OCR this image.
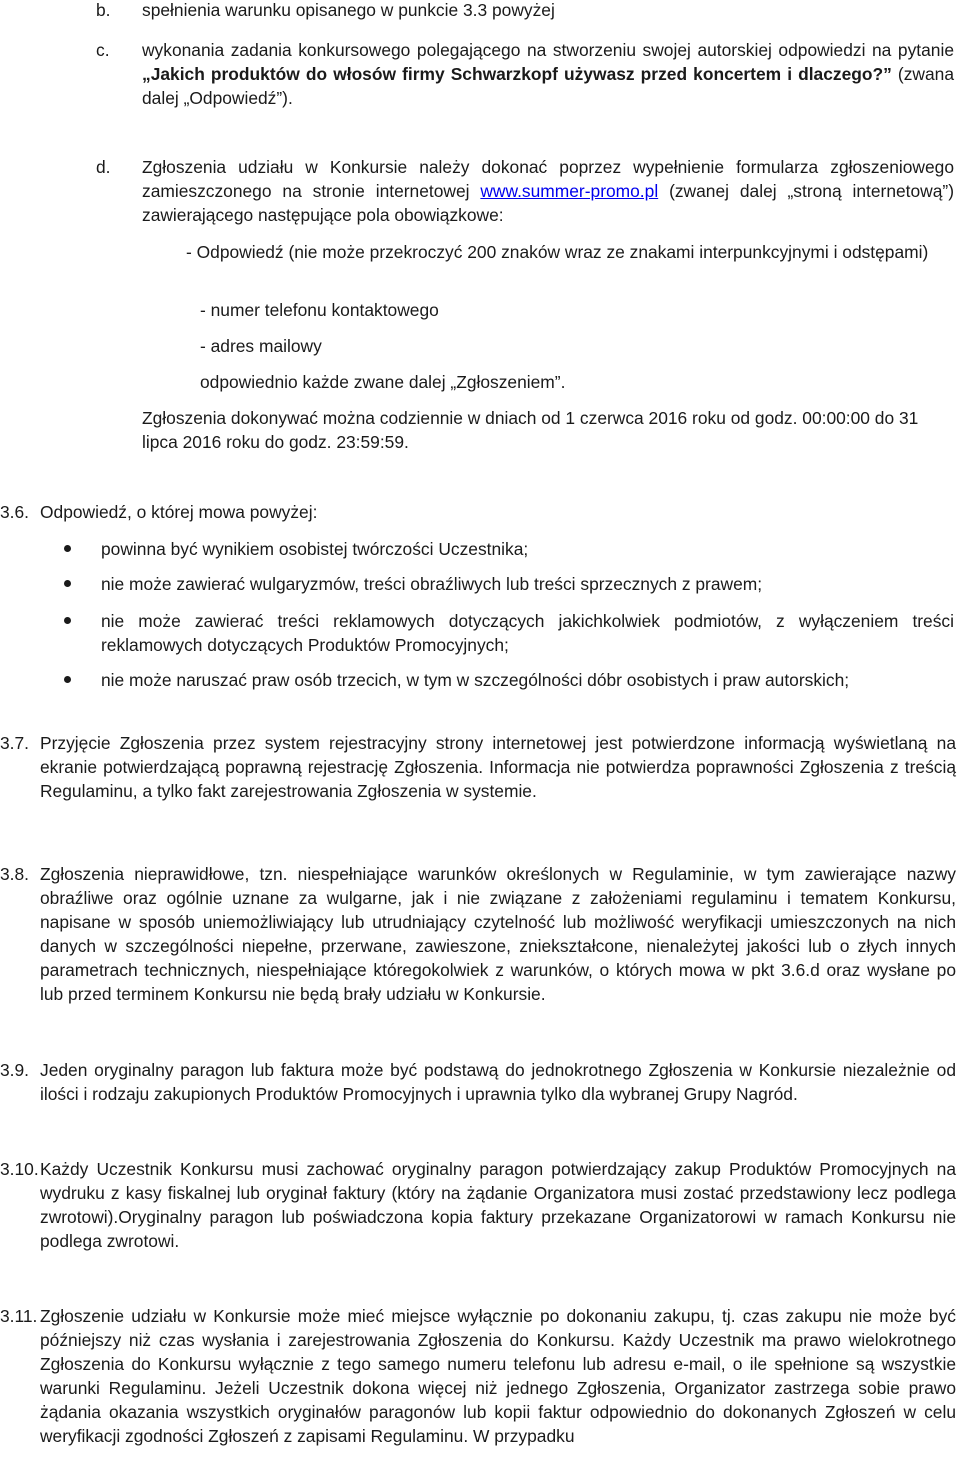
b.	spełnienia warunku opisanego w punkcie 3.3 powyżej
c.	wykonania zadania konkursowego polegającego na stworzeniu swojej autorskiej odpowiedzi na pytanie „Jakich produktów do włosów firmy Schwarzkopf używasz przed koncertem i dlaczego?” (zwana dalej „Odpowiedź”).
d.	Zgłoszenia udziału w Konkursie należy dokonać poprzez wypełnienie formularza zgłoszeniowego zamieszczonego na stronie internetowej www.summer-promo.pl (zwanej dalej „stroną internetową”) zawierającego następujące pola obowiązkowe:
- Odpowiedź (nie może przekroczyć 200 znaków wraz ze znakami interpunkcyjnymi i odstępami)
- numer telefonu kontaktowego
- adres mailowy
odpowiednio każde zwane dalej „Zgłoszeniem”.
Zgłoszenia dokonywać można codziennie w dniach od 1 czerwca 2016 roku od godz. 00:00:00 do 31 lipca 2016 roku do godz. 23:59:59.
3.6. Odpowiedź, o której mowa powyżej:
powinna być wynikiem osobistej twórczości Uczestnika;
nie może zawierać wulgaryzmów, treści obraźliwych lub treści sprzecznych z prawem;
nie może zawierać treści reklamowych dotyczących jakichkolwiek podmiotów, z wyłączeniem treści reklamowych dotyczących Produktów Promocyjnych;
nie może naruszać praw osób trzecich, w tym w szczególności dóbr osobistych i praw autorskich;
3.7. Przyjęcie Zgłoszenia przez system rejestracyjny strony internetowej jest potwierdzone informacją wyświetlaną na ekranie potwierdzającą poprawną rejestrację Zgłoszenia. Informacja nie potwierdza poprawności Zgłoszenia z treścią Regulaminu, a tylko fakt zarejestrowania Zgłoszenia w systemie.
3.8. Zgłoszenia nieprawidłowe, tzn. niespełniające warunków określonych w Regulaminie, w tym zawierające nazwy obraźliwe oraz ogólnie uznane za wulgarne, jak i nie związane z założeniami regulaminu i tematem Konkursu, napisane w sposób uniemożliwiający lub utrudniający czytelność lub możliwość weryfikacji umieszczonych na nich danych w szczególności niepełne, przerwane, zawieszone, zniekształcone, nienależytej jakości lub o złych innych parametrach technicznych, niespełniające któregokolwiek z warunków, o których mowa w pkt 3.6.d oraz wysłane po lub przed terminem Konkursu nie będą brały udziału w Konkursie.
3.9. Jeden oryginalny paragon lub faktura może być podstawą do jednokrotnego Zgłoszenia w Konkursie niezależnie od ilości i rodzaju zakupionych Produktów Promocyjnych i uprawnia tylko dla wybranej Grupy Nagród.
3.10. Każdy Uczestnik Konkursu musi zachować oryginalny paragon potwierdzający zakup Produktów Promocyjnych na wydruku z kasy fiskalnej lub oryginał faktury (który na żądanie Organizatora musi zostać przedstawiony lecz podlega zwrotowi).Oryginalny paragon lub poświadczona kopia faktury przekazane Organizatorowi w ramach Konkursu nie podlega zwrotowi.
3.11. Zgłoszenie udziału w Konkursie może mieć miejsce wyłącznie po dokonaniu zakupu, tj. czas zakupu nie może być późniejszy niż czas wysłania i zarejestrowania Zgłoszenia do Konkursu. Każdy Uczestnik ma prawo wielokrotnego Zgłoszenia do Konkursu wyłącznie z tego samego numeru telefonu lub adresu e-mail, o ile spełnione są wszystkie warunki Regulaminu. Jeżeli Uczestnik dokona więcej niż jednego Zgłoszenia, Organizator zastrzega sobie prawo żądania okazania wszystkich oryginałów paragonów lub kopii faktur odpowiednio do dokonanych Zgłoszeń w celu weryfikacji zgodności Zgłoszeń z zapisami Regulaminu. W przypadku
